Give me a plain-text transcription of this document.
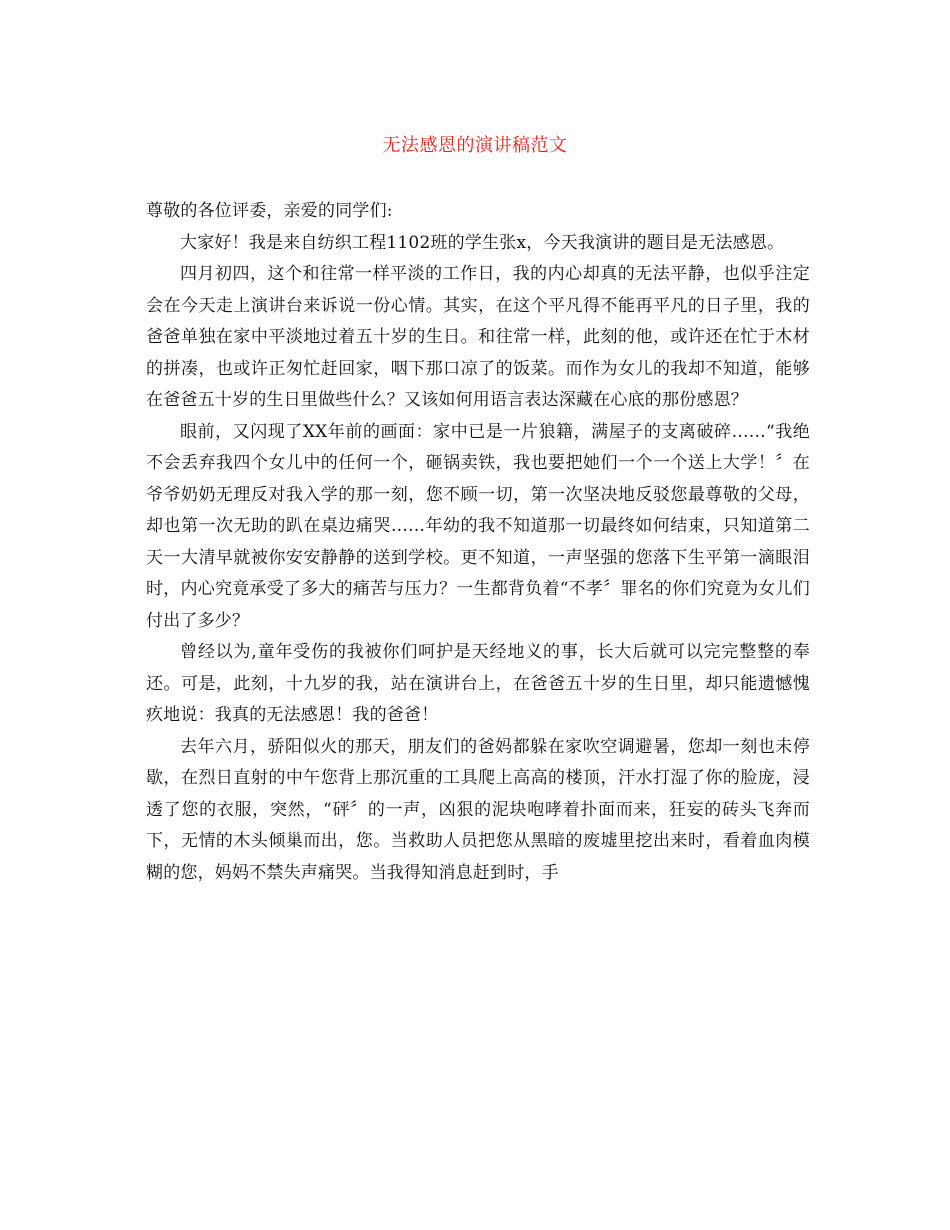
无法感恩的演讲稿范文

尊敬的各位评委，亲爱的同学们:

大家好！我是来自纺织工程1102班的学生张x，今天我演讲的题目是无法感恩。

四月初四，这个和往常一样平淡的工作日，我的内心却真的无法平静，也似乎注定会在今天走上演讲台来诉说一份心情。其实，在这个平凡得不能再平凡的日子里，我的爸爸单独在家中平淡地过着五十岁的生日。和往常一样，此刻的他，或许还在忙于木材的拼凑，也或许正匆忙赶回家，咽下那口凉了的饭菜。而作为女儿的我却不知道，能够在爸爸五十岁的生日里做些什么？又该如何用语言表达深藏在心底的那份感恩？

眼前，又闪现了XX年前的画面：家中已是一片狼籍，满屋子的支离破碎……“我绝不会丢弃我四个女儿中的任何一个，砸锅卖铁，我也要把她们一个一个送上大学！〞在爷爷奶奶无理反对我入学的那一刻，您不顾一切，第一次坚决地反驳您最尊敬的父母，却也第一次无助的趴在桌边痛哭……年幼的我不知道那一切最终如何结束，只知道第二天一大清早就被你安安静静的送到学校。更不知道，一声坚强的您落下生平第一滴眼泪时，内心究竟承受了多大的痛苦与压力？一生都背负着“不孝〞罪名的你们究竟为女儿们付出了多少？

曾经以为,童年受伤的我被你们呵护是天经地义的事，长大后就可以完完整整的奉还。可是，此刻，十九岁的我，站在演讲台上，在爸爸五十岁的生日里，却只能遗憾愧疚地说：我真的无法感恩！我的爸爸！

去年六月，骄阳似火的那天，朋友们的爸妈都躲在家吹空调避暑，您却一刻也未停歇，在烈日直射的中午您背上那沉重的工具爬上高高的楼顶，汗水打湿了你的脸庞，浸透了您的衣服，突然，“砰〞的一声，凶狠的泥块咆哮着扑面而来，狂妄的砖头飞奔而下，无情的木头倾巢而出，您。当救助人员把您从黑暗的废墟里挖出来时，看着血肉模糊的您，妈妈不禁失声痛哭。当我得知消息赶到时，手
